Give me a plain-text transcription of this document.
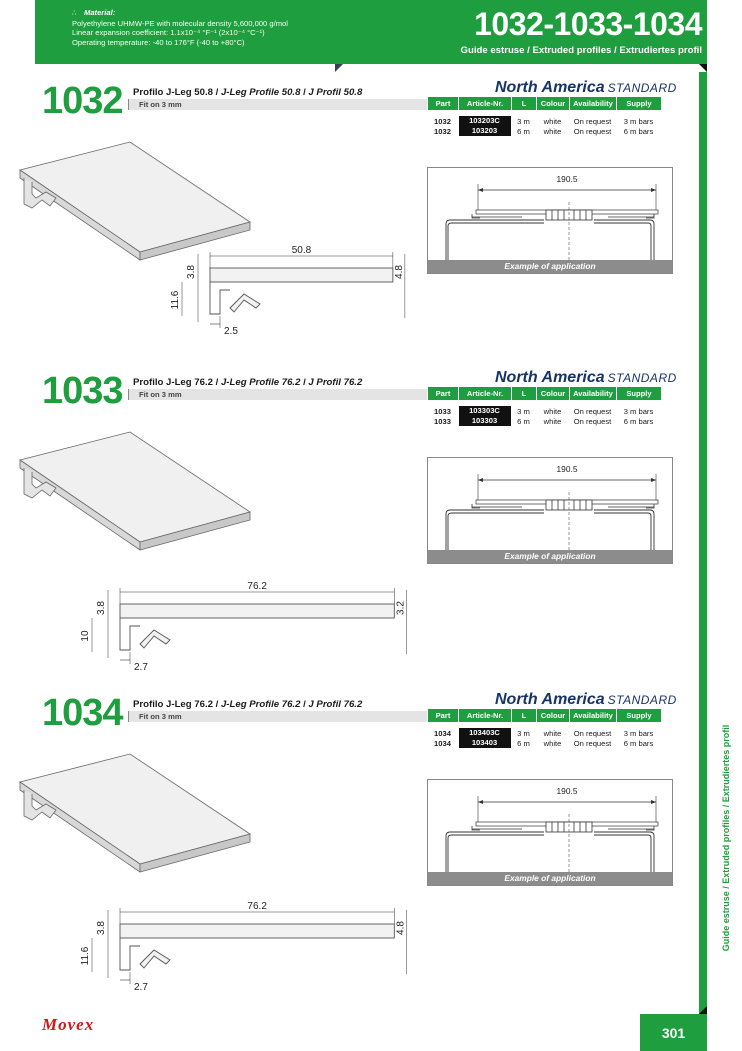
∴ Material:
Polyethylene UHMW-PE with molecular density 5,600,000 g/mol
Linear expansion coefficient: 1.1x10⁻⁴ °F⁻¹ (2x10⁻⁴ °C⁻¹)
Operating temperature: -40 to 176°F (-40 to +80°C)
1032-1033-1034
Guide estruse / Extruded profiles / Extrudiertes profil
Guide estruse / Extruded profiles / Extrudiertes profil
1032 Profilo J-Leg 50.8 / J-Leg Profile 50.8 / J Profil 50.8
Fit on 3 mm
North America STANDARD
Part	Article-Nr.	L	Colour	Availability	Supply

1032	103203C	3 m	white	On request	3 m bars
1032	103203	6 m	white	On request	6 m bars
190.5
Example of application
50.8
4.8
3.8
11.6
2.5
1033 Profilo J-Leg 76.2 / J-Leg Profile 76.2 / J Profil 76.2
Fit on 3 mm
North America STANDARD
Part	Article-Nr.	L	Colour	Availability	Supply

1033	103303C	3 m	white	On request	3 m bars
1033	103303	6 m	white	On request	6 m bars
190.5
Example of application
76.2
3.2
3.8
10
2.7
1034 Profilo J-Leg 76.2 / J-Leg Profile 76.2 / J Profil 76.2
Fit on 3 mm
North America STANDARD
Part	Article-Nr.	L	Colour	Availability	Supply

1034	103403C	3 m	white	On request	3 m bars
1034	103403	6 m	white	On request	6 m bars
190.5
Example of application
76.2
4.8
3.8
11.6
2.7
Movex	301
